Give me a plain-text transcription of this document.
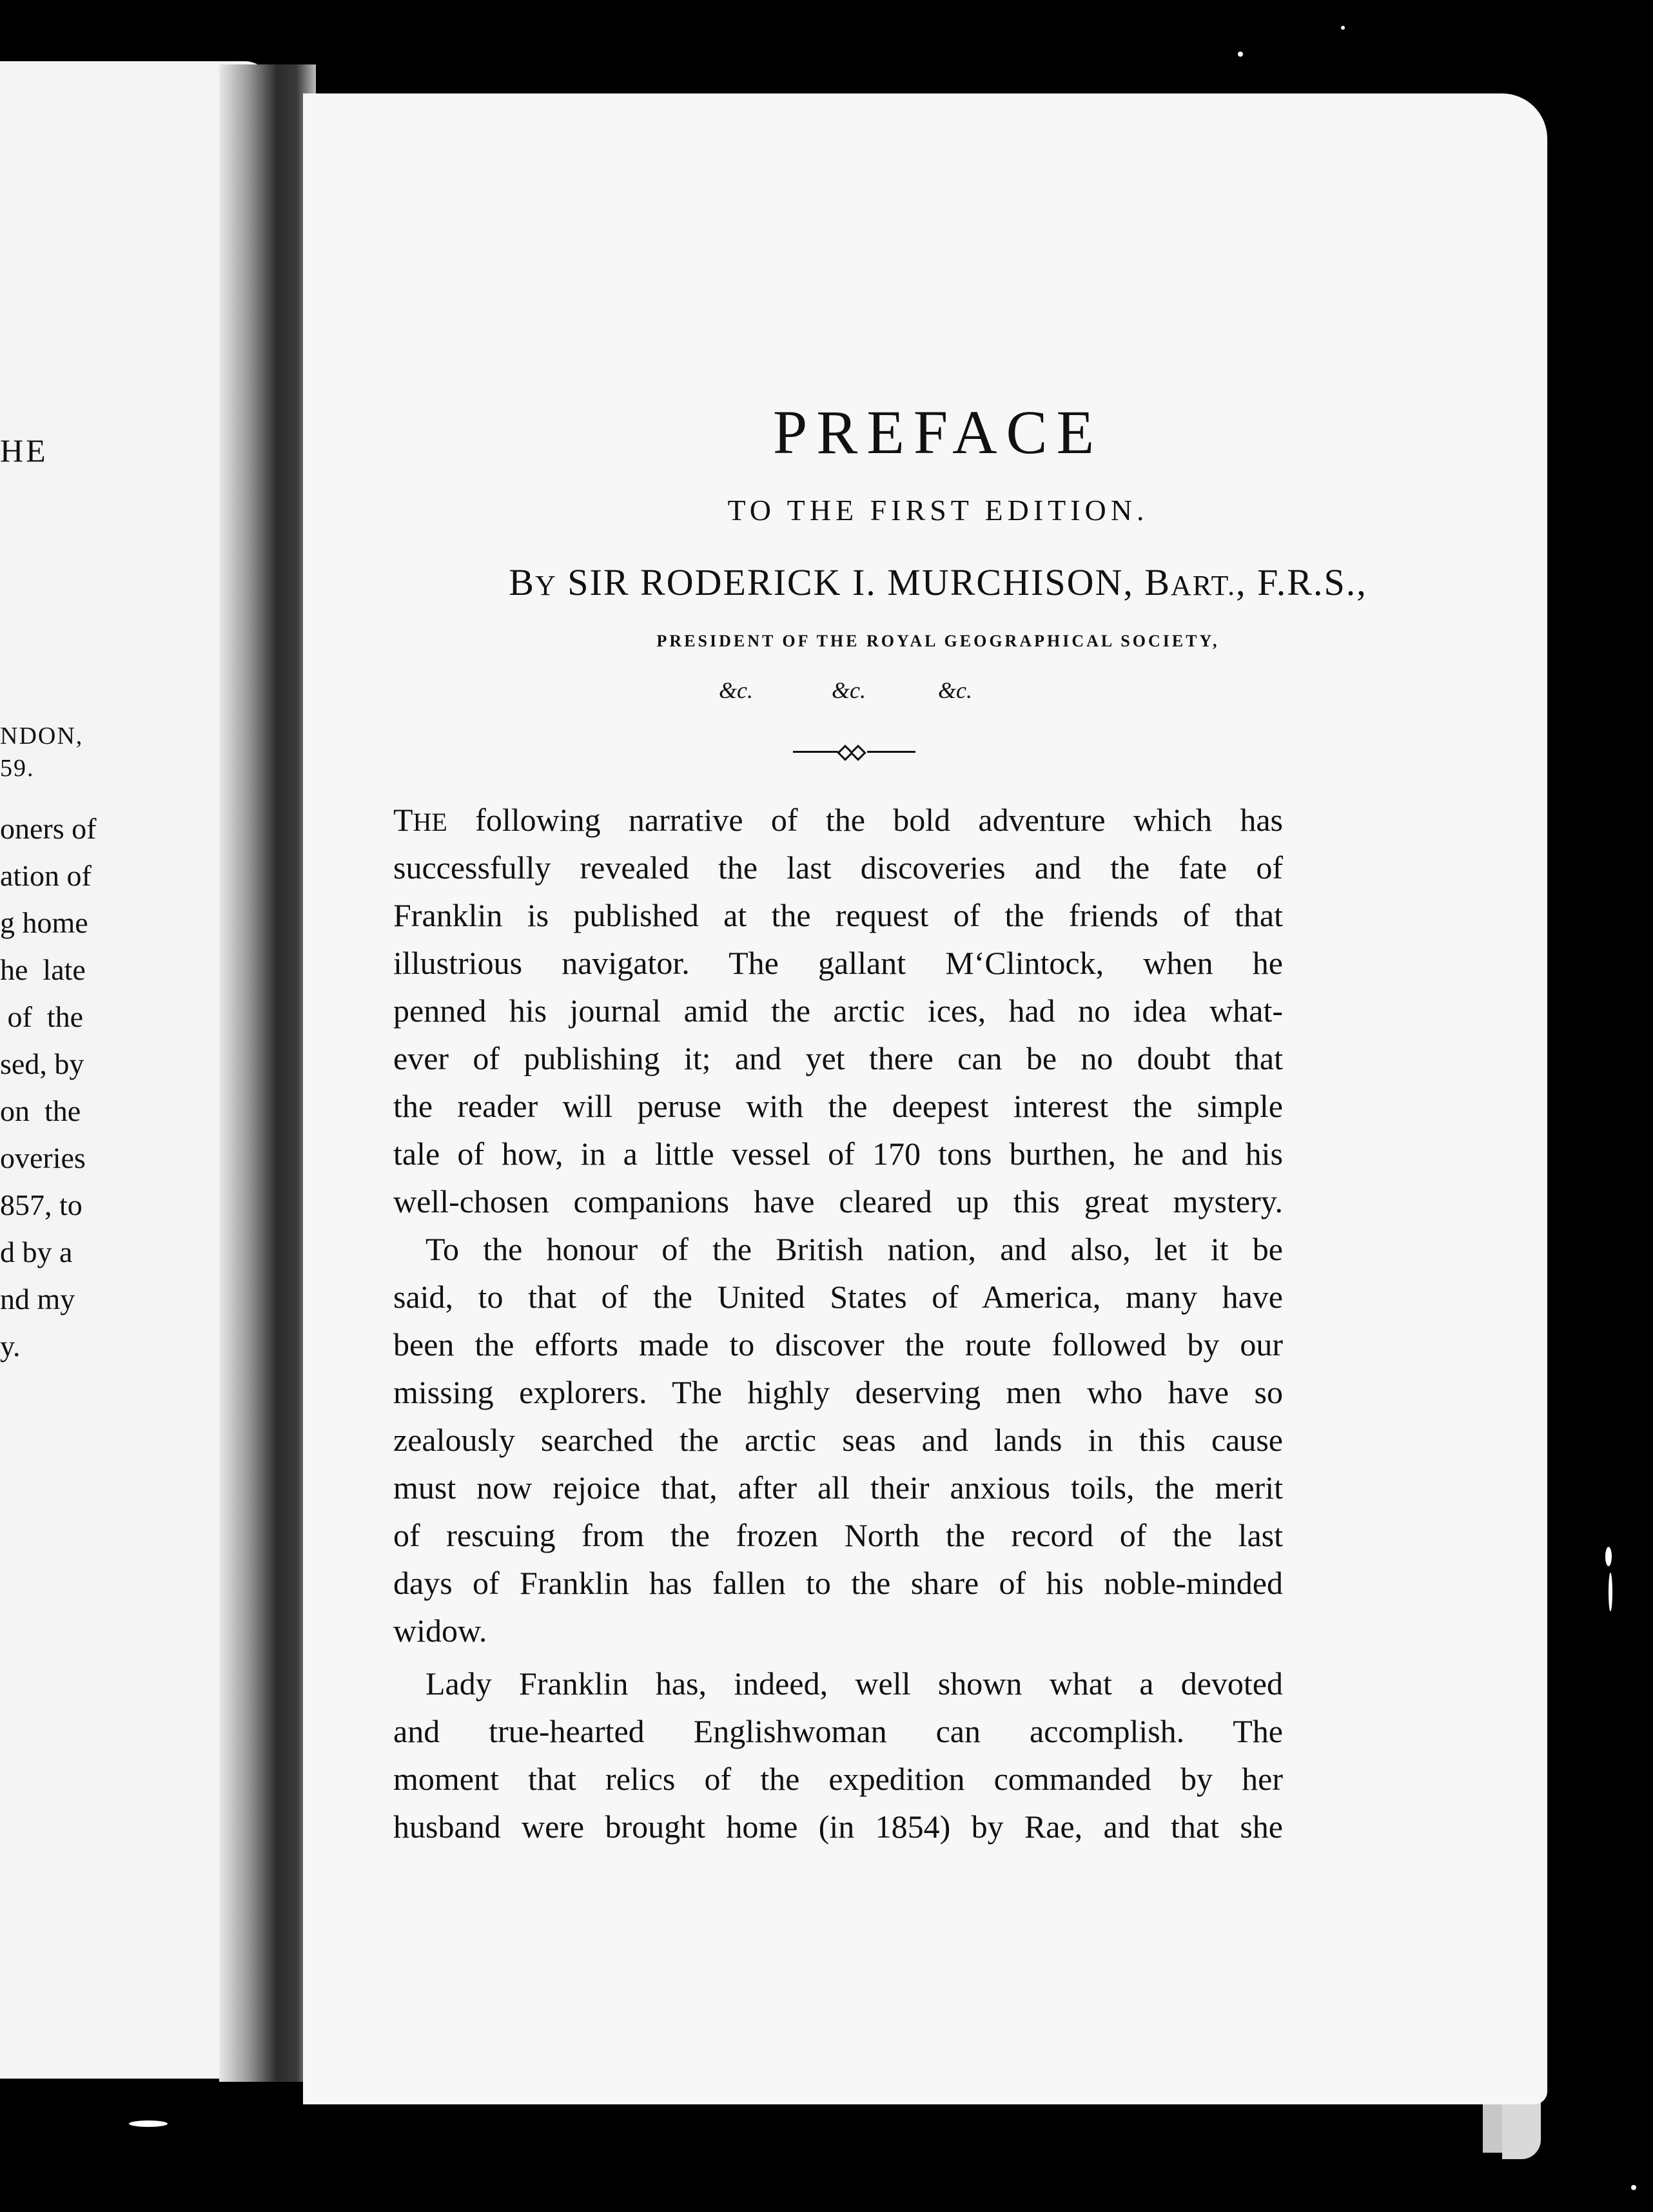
HE
NDON,
59.
oners of
ation of
g home
he  late
of  the
sed, by
on  the
overies
857, to
d by a
nd my
y.
PREFACE
TO THE FIRST EDITION.
BY SIR RODERICK I. MURCHISON, BART., F.R.S.,
PRESIDENT OF THE ROYAL GEOGRAPHICAL SOCIETY,
&c.	&c.	&c.

THE following narrative of the bold adventure which has
successfully revealed the last discoveries and the fate of
Franklin is published at the request of the friends of that
illustrious navigator. The gallant M‘Clintock, when he
penned his journal amid the arctic ices, had no idea what-
ever of publishing it; and yet there can be no doubt that
the reader will peruse with the deepest interest the simple
tale of how, in a little vessel of 170 tons burthen, he and his
well-chosen companions have cleared up this great mystery.

To the honour of the British nation, and also, let it be
said, to that of the United States of America, many have
been the efforts made to discover the route followed by our
missing explorers. The highly deserving men who have so
zealously searched the arctic seas and lands in this cause
must now rejoice that, after all their anxious toils, the merit
of rescuing from the frozen North the record of the last
days of Franklin has fallen to the share of his noble-minded
widow.

Lady Franklin has, indeed, well shown what a devoted
and true-hearted Englishwoman can accomplish. The
moment that relics of the expedition commanded by her
husband were brought home (in 1854) by Rae, and that she
